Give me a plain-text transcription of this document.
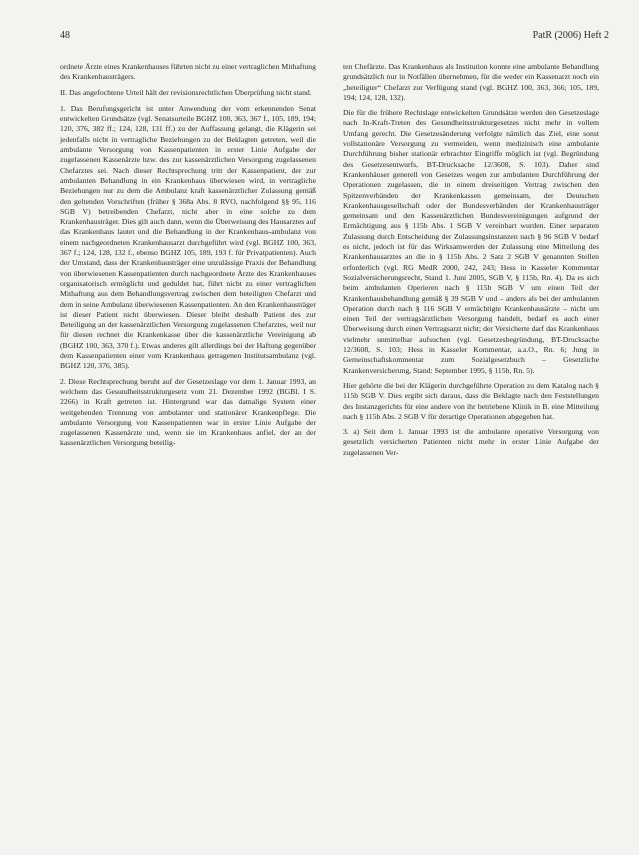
48	PatR (2006) Heft 2

ordnete Ärzte eines Krankenhauses führten nicht zu einer vertraglichen Mithaftung des Krankenhausträgers.

II. Das angefochtene Urteil hält der revisionsrechtlichen Überprüfung nicht stand.

1. Das Berufungsgericht ist unter Anwendung der vom erkennenden Senat entwickelten Grundsätze (vgl. Senatsurteile BGHZ 100, 363, 367 f., 105, 189, 194; 120, 376, 382 ff.; 124, 128, 131 ff.) zu der Auffassung gelangt, die Klägerin sei jedenfalls nicht in vertragliche Beziehungen zu der Beklagten getreten, weil die ambulante Versorgung von Kassenpatienten in erster Linie Aufgabe der zugelassenen Kassenärzte bzw. des zur kassenärztlichen Versorgung zugelassenen Chefarztes sei. Nach dieser Rechtsprechung tritt der Kassenpatient, der zur ambulanten Behandlung in ein Krankenhaus überwiesen wird, in vertragliche Beziehungen nur zu dem die Ambulanz kraft kassenärztlicher Zulassung gemäß den geltenden Vorschriften (früher § 368a Abs. 8 RVO, nachfolgend §§ 95, 116 SGB V) betreibenden Chefarzt, nicht aber in eine solche zu dem Krankenhausträger. Dies gilt auch dann, wenn die Überweisung des Hausarztes auf das Krankenhaus lautet und die Behandlung in der Krankenhaus-ambulanz von einem nachgeordneten Krankenhausarzt durchgeführt wird (vgl. BGHZ 100, 363, 367 f.; 124, 128, 132 f., ebenso BGHZ 105, 189, 193 f. für Privatpatienten). Auch der Umstand, dass der Krankenhausträger eine unzulässige Praxis der Behandlung von überwiesenen Kassenpatienten durch nachgeordnete Ärzte des Krankenhauses organisatorisch ermöglicht und geduldet hat, führt nicht zu einer vertraglichen Mithaftung aus dem Behandlungsvertrag zwischen dem beteiligten Chefarzt und dem in seine Ambulanz überwiesenen Kassenpatienten. An den Krankenhausträger ist dieser Patient nicht überwiesen. Dieser bleibt deshalb Patient des zur Beteiligung an der kassenärztlichen Versorgung zugelassenen Chefarztes, weil nur für diesen rechnet die Krankenkasse über die kassenärztliche Vereinigung ab (BGHZ 100, 363, 370 f.). Etwas anderes gilt allerdings bei der Haftung gegenüber dem Kassenpatienten einer vom Krankenhaus getragenen Institutsambulanz (vgl. BGHZ 120, 376, 385).

2. Diese Rechtsprechung beruht auf der Gesetzeslage vor dem 1. Januar 1993, an welchem das Gesundheitsstrukturgesetz vom 21. Dezember 1992 (BGBl. I S. 2266) in Kraft getreten ist. Hintergrund war das damalige System einer weitgehenden Trennung von ambulanter und stationärer Krankenpflege. Die ambulante Versorgung von Kassenpatienten war in erster Linie Aufgabe der zugelassenen Kassenärzte und, wenn sie im Krankenhaus anfiel, der an der kassenärztlichen Versorgung beteilig-

ten Chefärzte. Das Krankenhaus als Institution konnte eine ambulante Behandlung grundsätzlich nur in Notfällen übernehmen, für die weder ein Kassenarzt noch ein „beteiligter“ Chefarzt zur Verfügung stand (vgl. BGHZ 100, 363, 366; 105, 189, 194; 124, 128, 132).

Die für die frühere Rechtslage entwickelten Grundsätze werden den Gesetzeslage nach In-Kraft-Treten des Gesundheitsstrukturgesetzes nicht mehr in vollem Umfang gerecht. Die Gesetzesänderung verfolgte nämlich das Ziel, eine sonst vollstationäre Versorgung zu vermeiden, wenn medizinisch eine ambulante Durchführung bisher stationär erbrachter Eingriffe möglich ist (vgl. Begründung des Gesetzesentwurfs, BT-Drucksache 12/3608, S. 103). Daher sind Krankenhäuser generell von Gesetzes wegen zur ambulanten Durchführung der Operationen zugelassen, die in einem dreiseitigen Vertrag zwischen den Spitzenverbänden der Krankenkassen gemeinsam, der Deutschen Krankenhausgesellschaft oder der Bundesverbänden der Krankenhausträger gemeinsam und den Kassenärztlichen Bundesvereinigungen aufgrund der Ermächtigung aus § 115b Abs. 1 SGB V vereinbart wurden. Einer separaten Zulassung durch Entscheidung der Zulassungsinstanzen nach § 96 SGB V bedarf es nicht, jedoch ist für das Wirksamwerden der Zulassung eine Mitteilung des Krankenhausarztes an die in § 115b Abs. 2 Satz 2 SGB V genannten Stellen erforderlich (vgl. RG MedR 2000, 242, 243; Hess in Kasseler Kommentar Sozialversicherungsrecht, Stand 1. Juni 2005, SGB V, § 115b, Rn. 4). Da es sich beim ambulanten Operieren nach § 115b SGB V um einen Teil der Krankenhausbehandlung gemäß § 39 SGB V und – anders als bei der ambulanten Operation durch nach § 116 SGB V ermächtigte Krankenhausärzte – nicht um einen Teil der vertragsärztlichen Versorgung handelt, bedarf es auch einer Überweisung durch einen Vertragsarzt nicht; der Versicherte darf das Krankenhaus vielmehr unmittelbar aufsuchen (vgl. Gesetzesbegründung, BT-Drucksache 12/3608, S. 103; Hess in Kasseler Kommentar, a.a.O., Rn. 6; Jung in Gemeinschaftskommentar zum Sozialgesetzbuch – Gesetzliche Krankenversicherung, Stand: September 1995, § 115b, Rn. 5).

Hier gehörte die bei der Klägerin durchgeführte Operation zu dem Katalog nach § 115b SGB V. Dies ergibt sich daraus, dass die Beklagte nach den Feststellungen des Instanzgerichts für eine andere von ihr betriebene Klinik in B. eine Mitteilung nach § 115b Abs. 2 SGB V für derartige Operationen abgegeben hat.

3. a) Seit dem 1. Januar 1993 ist die ambulante operative Versorgung von gesetzlich versicherten Patienten nicht mehr in erster Linie Aufgabe der zugelassenen Ver-
